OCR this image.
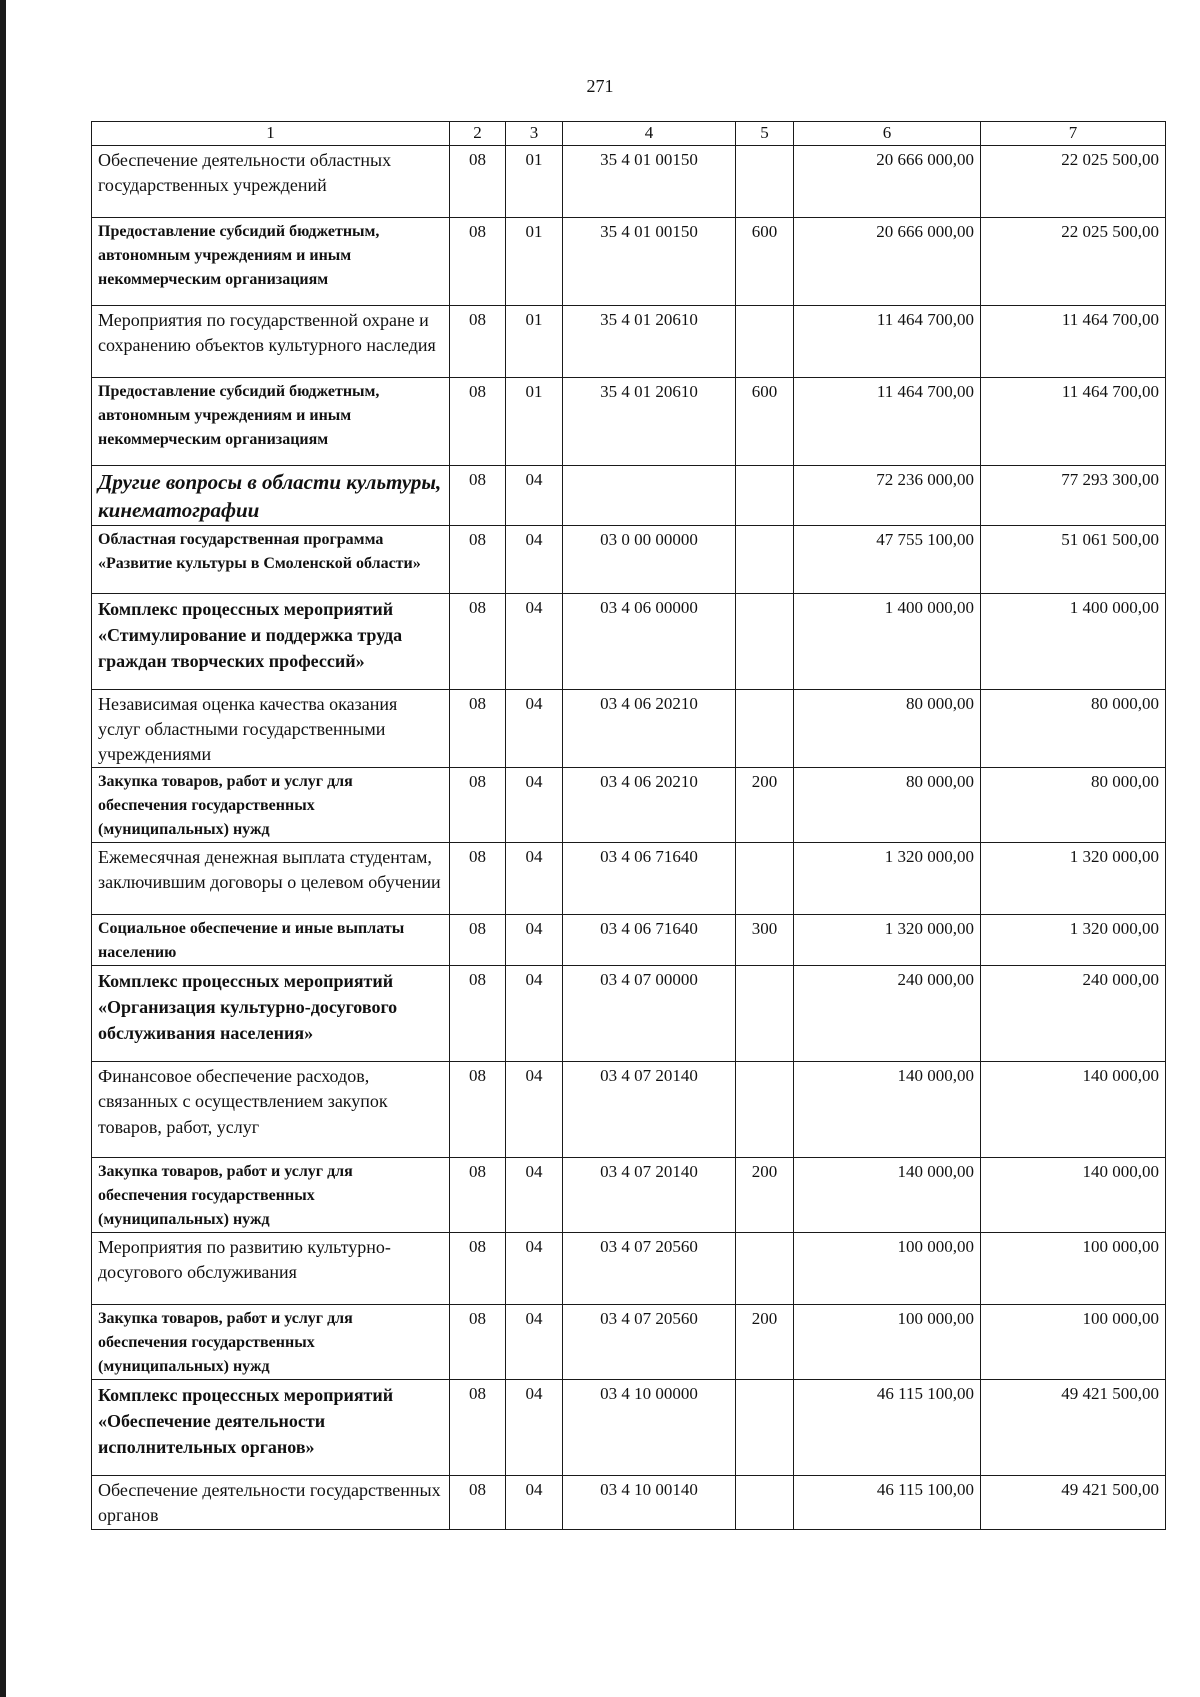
271
1	2	3	4	5	6	7
Обеспечение деятельности областных государственных учреждений	08	01	35 4 01 00150		20 666 000,00	22 025 500,00
Предоставление субсидий бюджетным, автономным учреждениям и иным некоммерческим организациям	08	01	35 4 01 00150	600	20 666 000,00	22 025 500,00
Мероприятия по государственной охране и сохранению объектов культурного наследия	08	01	35 4 01 20610		11 464 700,00	11 464 700,00
Предоставление субсидий бюджетным, автономным учреждениям и иным некоммерческим организациям	08	01	35 4 01 20610	600	11 464 700,00	11 464 700,00
Другие вопросы в области культуры, кинематографии	08	04			72 236 000,00	77 293 300,00
Областная государственная программа «Развитие культуры в Смоленской области»	08	04	03 0 00 00000		47 755 100,00	51 061 500,00
Комплекс процессных мероприятий «Стимулирование и поддержка труда граждан творческих профессий»	08	04	03 4 06 00000		1 400 000,00	1 400 000,00
Независимая оценка качества оказания услуг областными государственными учреждениями	08	04	03 4 06 20210		80 000,00	80 000,00
Закупка товаров, работ и услуг для обеспечения государственных (муниципальных) нужд	08	04	03 4 06 20210	200	80 000,00	80 000,00
Ежемесячная денежная выплата студентам, заключившим договоры о целевом обучении	08	04	03 4 06 71640		1 320 000,00	1 320 000,00
Социальное обеспечение и иные выплаты населению	08	04	03 4 06 71640	300	1 320 000,00	1 320 000,00
Комплекс процессных мероприятий «Организация культурно-досугового обслуживания населения»	08	04	03 4 07 00000		240 000,00	240 000,00
Финансовое обеспечение расходов, связанных с осуществлением закупок товаров, работ, услуг	08	04	03 4 07 20140		140 000,00	140 000,00
Закупка товаров, работ и услуг для обеспечения государственных (муниципальных) нужд	08	04	03 4 07 20140	200	140 000,00	140 000,00
Мероприятия по развитию культурно-досугового обслуживания	08	04	03 4 07 20560		100 000,00	100 000,00
Закупка товаров, работ и услуг для обеспечения государственных (муниципальных) нужд	08	04	03 4 07 20560	200	100 000,00	100 000,00
Комплекс процессных мероприятий «Обеспечение деятельности исполнительных органов»	08	04	03 4 10 00000		46 115 100,00	49 421 500,00
Обеспечение деятельности государственных органов	08	04	03 4 10 00140		46 115 100,00	49 421 500,00
